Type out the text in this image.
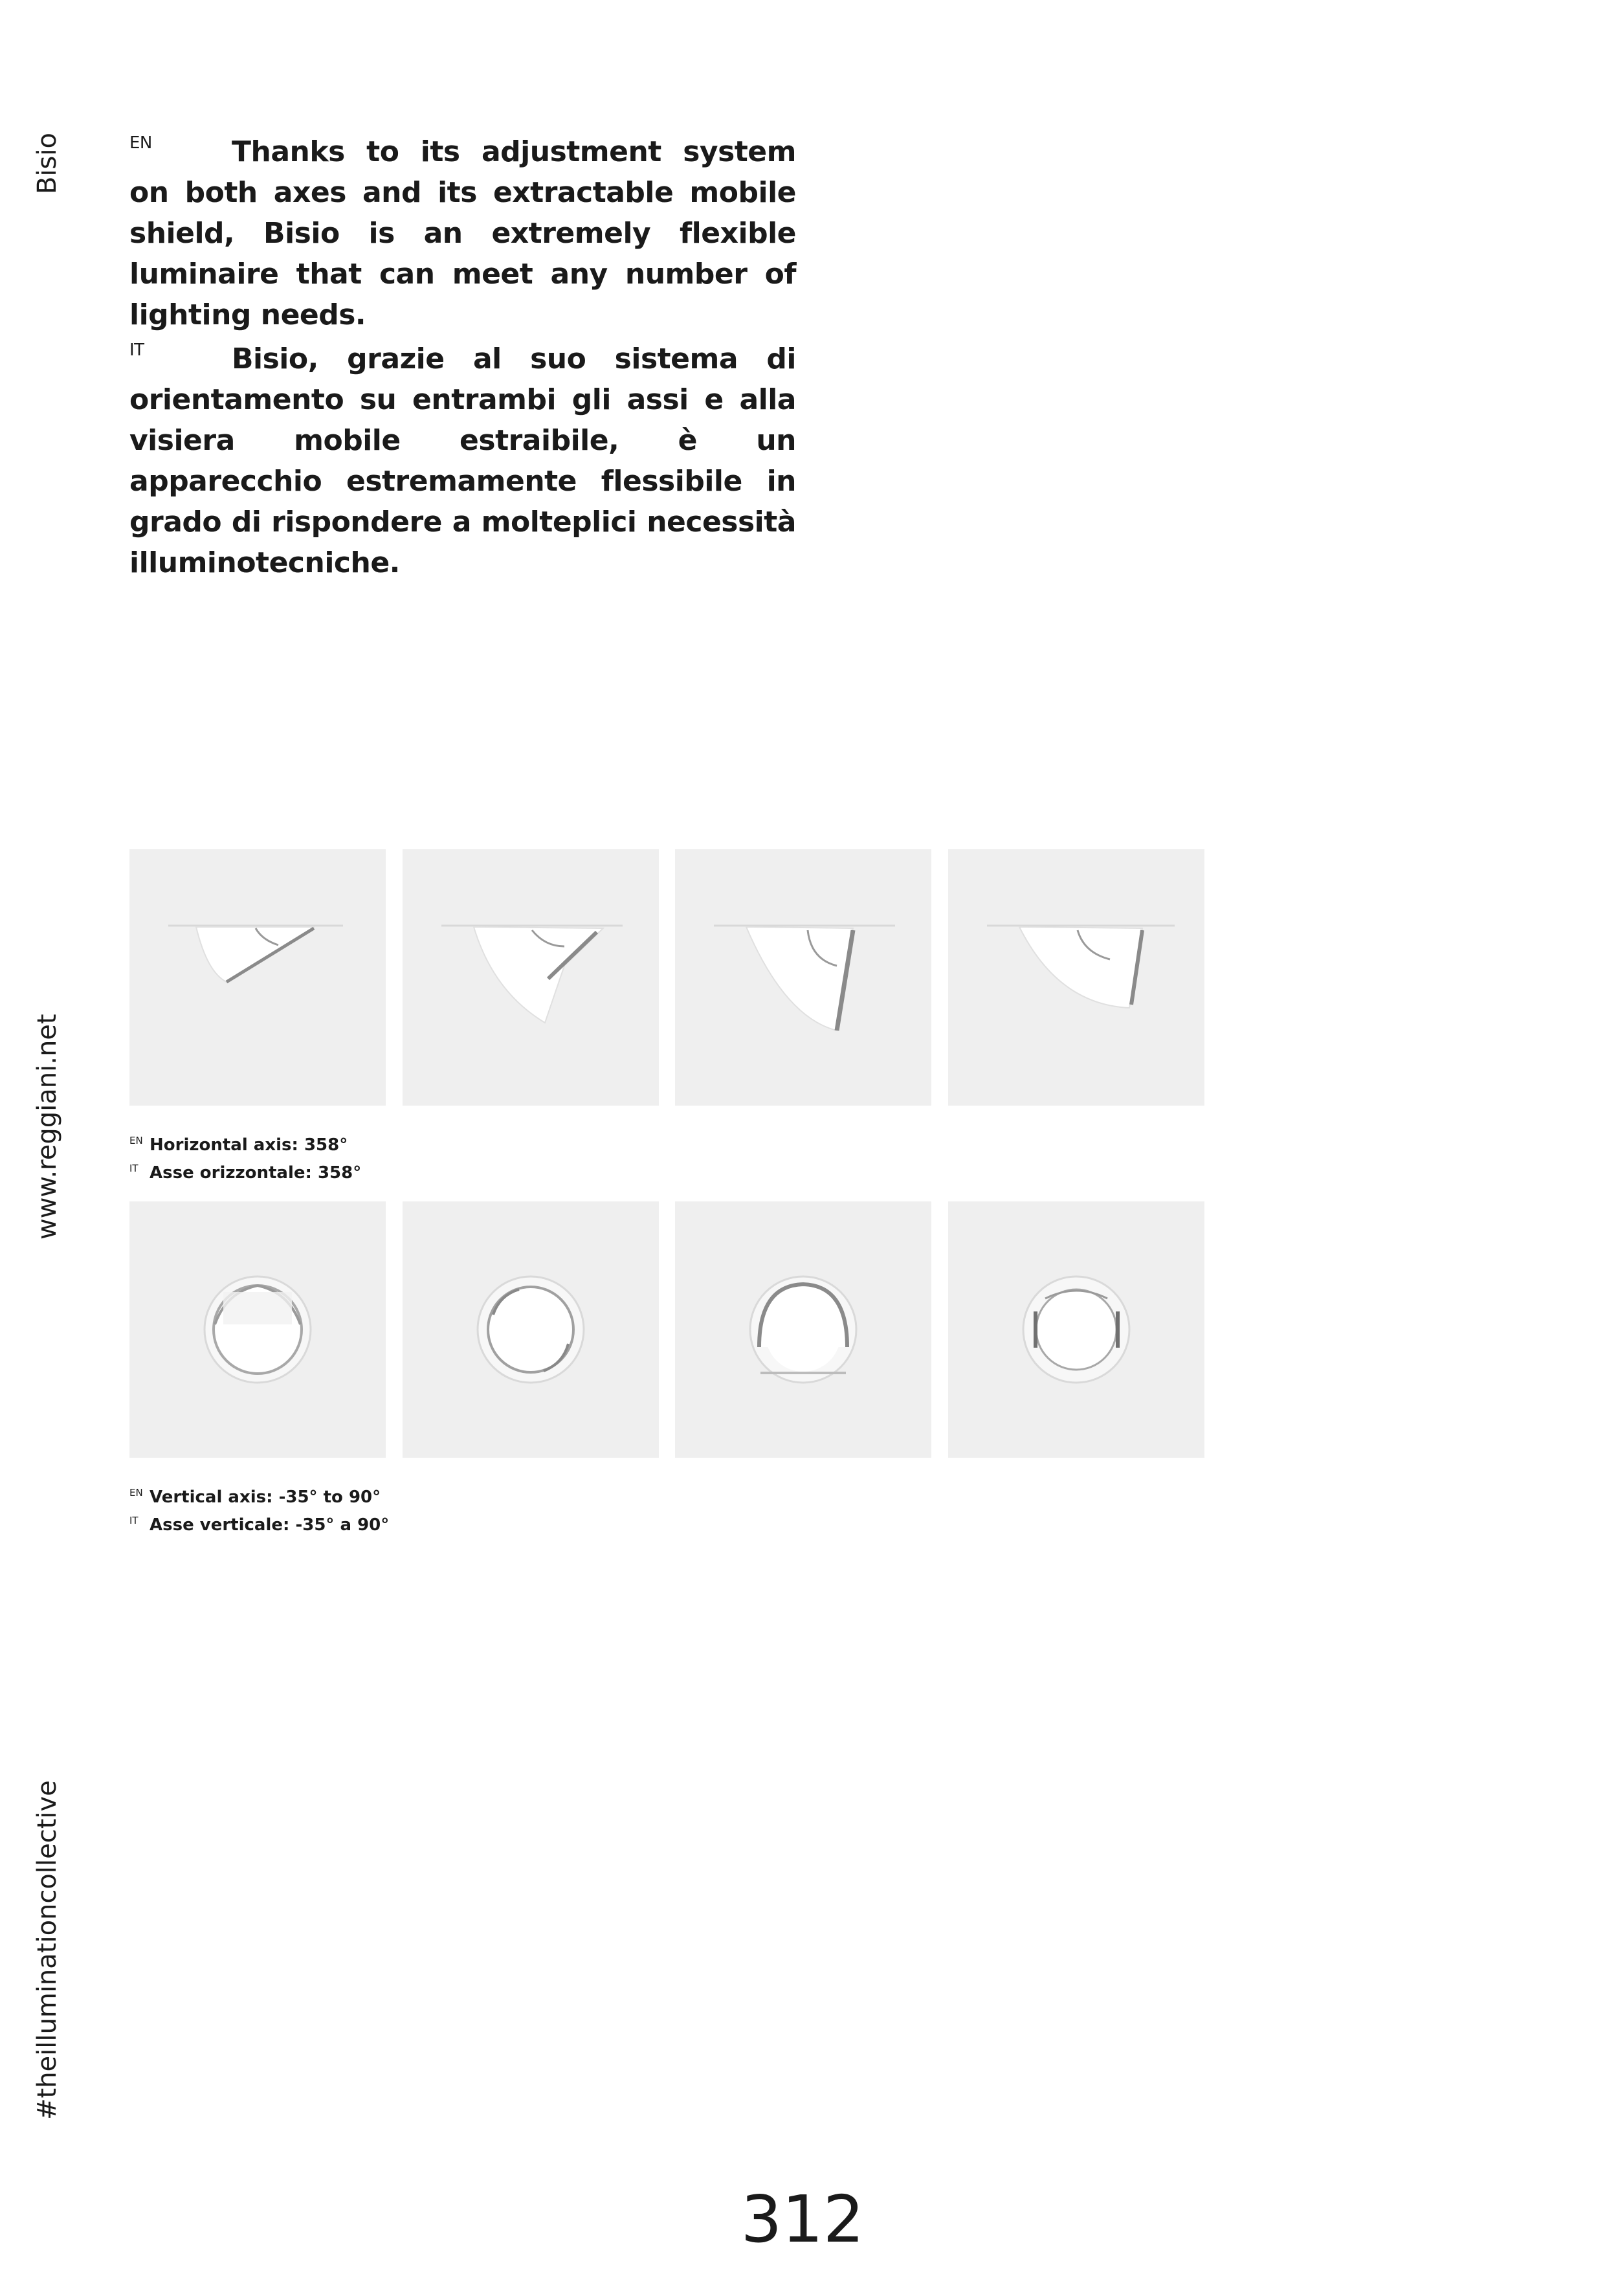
Bisio
www.reggiani.net
#theilluminationcollective

EN	Thanks to its adjustment system on both axes and its extractable mobile shield, Bisio is an extremely flexible luminaire that can meet any number of lighting needs.

IT	Bisio, grazie al suo sistema di orientamento su entrambi gli assi e alla visiera mobile estraibile, è un apparecchio estremamente flessibile in grado di rispondere a molteplici necessità illuminotecniche.

EN Horizontal axis: 358°
IT Asse orizzontale: 358°
EN Vertical axis: -35° to 90°
IT Asse verticale: -35° a 90°
312
